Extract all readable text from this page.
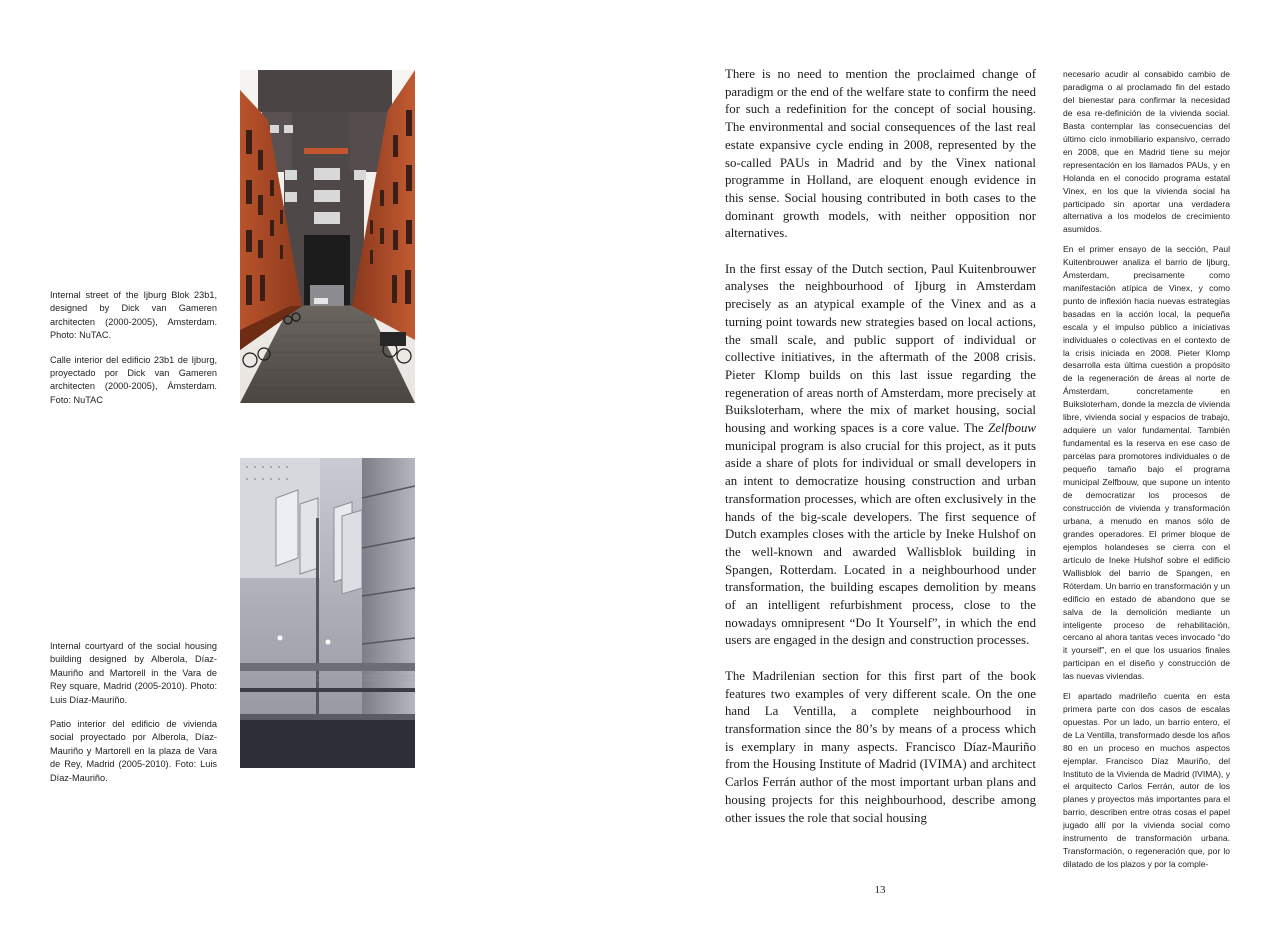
Internal street of the Ijburg Blok 23b1, designed by Dick van Gameren architecten (2000-2005), Amsterdam. Photo: NuTAC.

Calle interior del edificio 23b1 de Ijburg, proyectado por Dick van Gameren architecten (2000-2005), Ámsterdam. Foto: NuTAC

Internal courtyard of the social housing building designed by Alberola, Díaz-Mauriño and Martorell in the Vara de Rey square, Madrid (2005-2010). Photo: Luis Díaz-Mauriño.

Patio interior del edificio de vivienda social proyectado por Alberola, Díaz-Mauriño y Martorell en la plaza de Vara de Rey, Madrid (2005-2010). Foto: Luis Díaz-Mauriño.

There is no need to mention the proclaimed change of paradigm or the end of the welfare state to confirm the need for such a redefinition for the concept of social housing. The environmental and social consequences of the last real estate expansive cycle ending in 2008, represented by the so-called PAUs in Madrid and by the Vinex national programme in Holland, are eloquent enough evidence in this sense. Social housing contributed in both cases to the dominant growth models, with neither opposition nor alternatives.

In the first essay of the Dutch section, Paul Kuitenbrouwer analyses the neighbourhood of Ijburg in Amsterdam precisely as an atypical example of the Vinex and as a turning point towards new strategies based on local actions, the small scale, and public support of individual or collective initiatives, in the aftermath of the 2008 crisis. Pieter Klomp builds on this last issue regarding the regeneration of areas north of Amsterdam, more precisely at Buiksloterham, where the mix of market housing, social housing and working spaces is a core value. The Zelfbouw municipal program is also crucial for this project, as it puts aside a share of plots for individual or small developers in an intent to democratize housing construction and urban transformation processes, which are often exclusively in the hands of the big-scale developers. The first sequence of Dutch examples closes with the article by Ineke Hulshof on the well-known and awarded Wallisblok building in Spangen, Rotterdam. Located in a neighbourhood under transformation, the building escapes demolition by means of an intelligent refurbishment process, close to the nowadays omnipresent “Do It Yourself”, in which the end users are engaged in the design and construction processes.

The Madrilenian section for this first part of the book features two examples of very different scale. On the one hand La Ventilla, a complete neighbourhood in transformation since the 80’s by means of a process which is exemplary in many aspects. Francisco Díaz-Mauriño from the Housing Institute of Madrid (IVIMA) and architect Carlos Ferrán author of the most important urban plans and housing projects for this neighbourhood, describe among other issues the role that social housing

necesario acudir al consabido cambio de paradigma o al proclamado fin del estado del bienestar para confirmar la necesidad de esa re-definición de la vivienda social. Basta contemplar las consecuencias del último ciclo inmobiliario expansivo, cerrado en 2008, que en Madrid tiene su mejor representación en los llamados PAUs, y en Holanda en el conocido programa estatal Vinex, en los que la vivienda social ha participado sin aportar una verdadera alternativa a los modelos de crecimiento asumidos.

En el primer ensayo de la sección, Paul Kuitenbrouwer analiza el barrio de Ijburg, Ámsterdam, precisamente como manifestación atípica de Vinex, y como punto de inflexión hacia nuevas estrategias basadas en la acción local, la pequeña escala y el impulso público a iniciativas individuales o colectivas en el contexto de la crisis iniciada en 2008. Pieter Klomp desarrolla esta última cuestión a propósito de la regeneración de áreas al norte de Ámsterdam, concretamente en Buiksloterham, donde la mezcla de vivienda libre, vivienda social y espacios de trabajo, adquiere un valor fundamental. También fundamental es la reserva en ese caso de parcelas para promotores individuales o de pequeño tamaño bajo el programa municipal Zelfbouw, que supone un intento de democratizar los procesos de construcción de vivienda y transformación urbana, a menudo en manos sólo de grandes operadores. El primer bloque de ejemplos holandeses se cierra con el artículo de Ineke Hulshof sobre el edificio Wallisblok del barrio de Spangen, en Róterdam. Un barrio en transformación y un edificio en estado de abandono que se salva de la demolición mediante un inteligente proceso de rehabilitación, cercano al ahora tantas veces invocado “do it yourself”, en el que los usuarios finales participan en el diseño y construcción de las nuevas viviendas.

El apartado madrileño cuenta en esta primera parte con dos casos de escalas opuestas. Por un lado, un barrio entero, el de La Ventilla, transformado desde los años 80 en un proceso en muchos aspectos ejemplar. Francisco Díaz Mauriño, del Instituto de la Vivienda de Madrid (IVIMA), y el arquitecto Carlos Ferrán, autor de los planes y proyectos más importantes para el barrio, describen entre otras cosas el papel jugado allí por la vivienda social como instrumento de transformación urbana. Transformación, o regeneración que, por lo dilatado de los plazos y por la comple-

13
